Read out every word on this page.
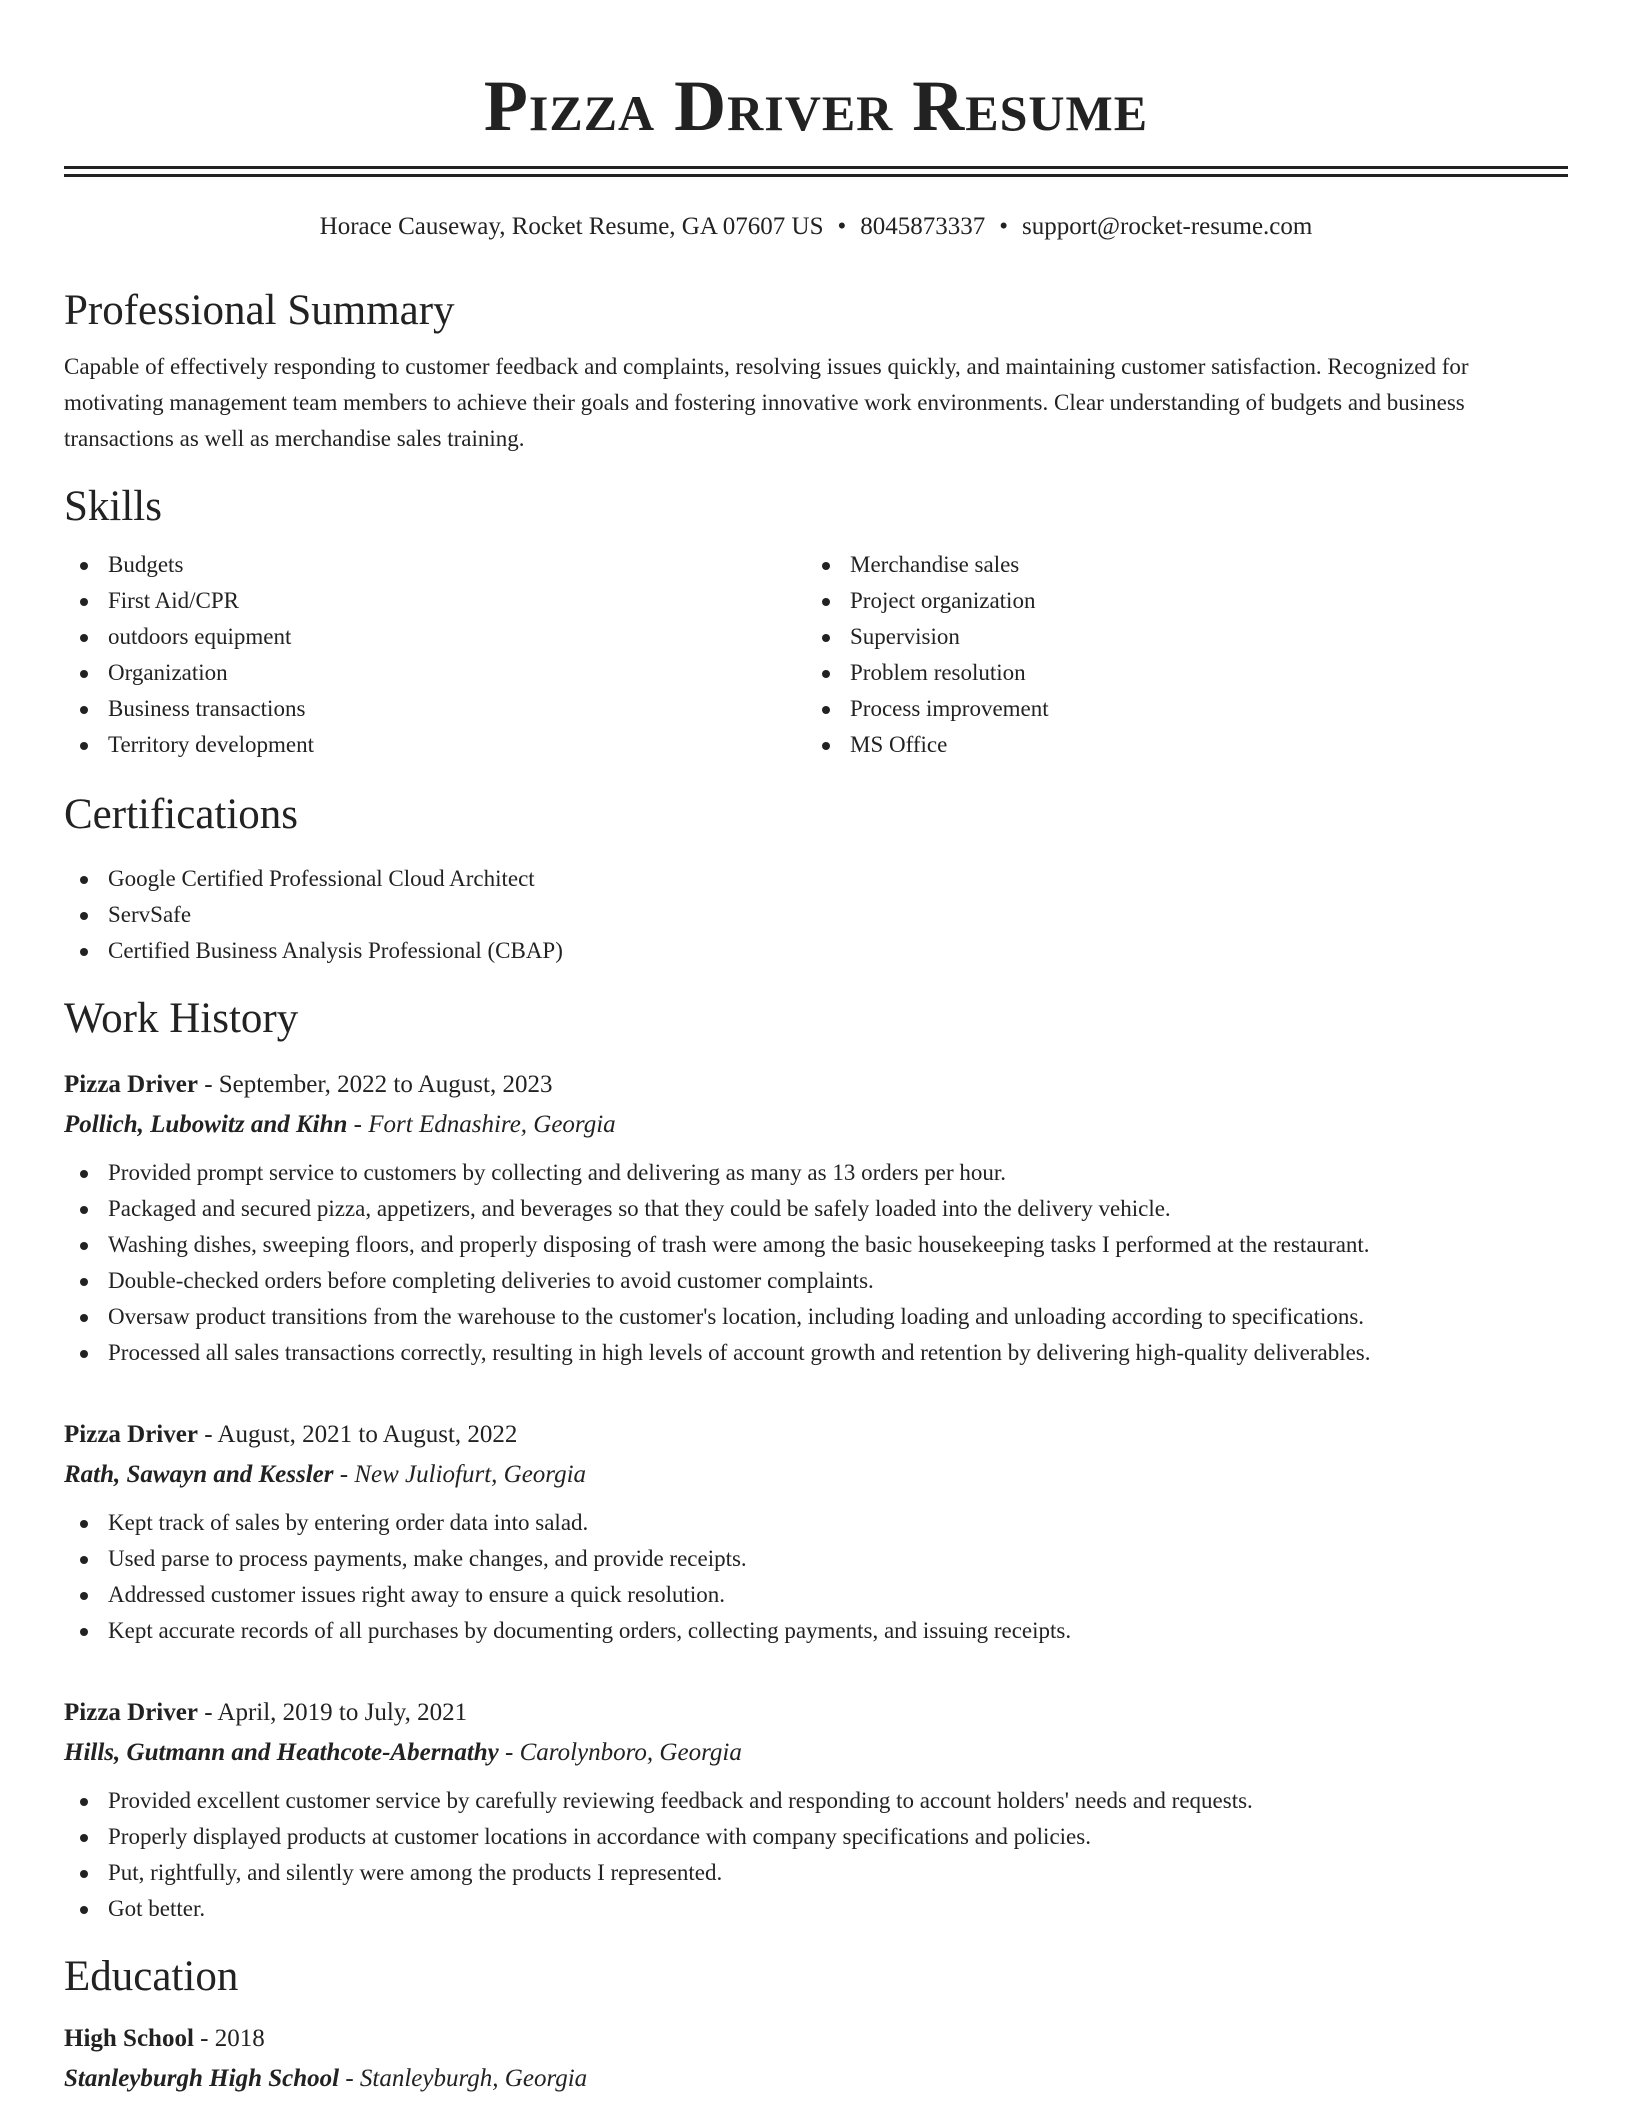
Pizza Driver Resume
Horace Causeway, Rocket Resume, GA 07607 US • 8045873337 • support@rocket-resume.com
Professional Summary

Capable of effectively responding to customer feedback and complaints, resolving issues quickly, and maintaining customer satisfaction. Recognized for motivating management team members to achieve their goals and fostering innovative work environments. Clear understanding of budgets and business transactions as well as merchandise sales training.

Skills
Budgets
First Aid/CPR
outdoors equipment
Organization
Business transactions
Territory development
Merchandise sales
Project organization
Supervision
Problem resolution
Process improvement
MS Office
Certifications
Google Certified Professional Cloud Architect
ServSafe
Certified Business Analysis Professional (CBAP)
Work History
Pizza Driver - September, 2022 to August, 2023
Pollich, Lubowitz and Kihn - Fort Ednashire, Georgia
Provided prompt service to customers by collecting and delivering as many as 13 orders per hour.
Packaged and secured pizza, appetizers, and beverages so that they could be safely loaded into the delivery vehicle.
Washing dishes, sweeping floors, and properly disposing of trash were among the basic housekeeping tasks I performed at the restaurant.
Double-checked orders before completing deliveries to avoid customer complaints.
Oversaw product transitions from the warehouse to the customer's location, including loading and unloading according to specifications.
Processed all sales transactions correctly, resulting in high levels of account growth and retention by delivering high-quality deliverables.
Pizza Driver - August, 2021 to August, 2022
Rath, Sawayn and Kessler - New Juliofurt, Georgia
Kept track of sales by entering order data into salad.
Used parse to process payments, make changes, and provide receipts.
Addressed customer issues right away to ensure a quick resolution.
Kept accurate records of all purchases by documenting orders, collecting payments, and issuing receipts.
Pizza Driver - April, 2019 to July, 2021
Hills, Gutmann and Heathcote-Abernathy - Carolynboro, Georgia
Provided excellent customer service by carefully reviewing feedback and responding to account holders' needs and requests.
Properly displayed products at customer locations in accordance with company specifications and policies.
Put, rightfully, and silently were among the products I represented.
Got better.
Education
High School - 2018
Stanleyburgh High School - Stanleyburgh, Georgia
